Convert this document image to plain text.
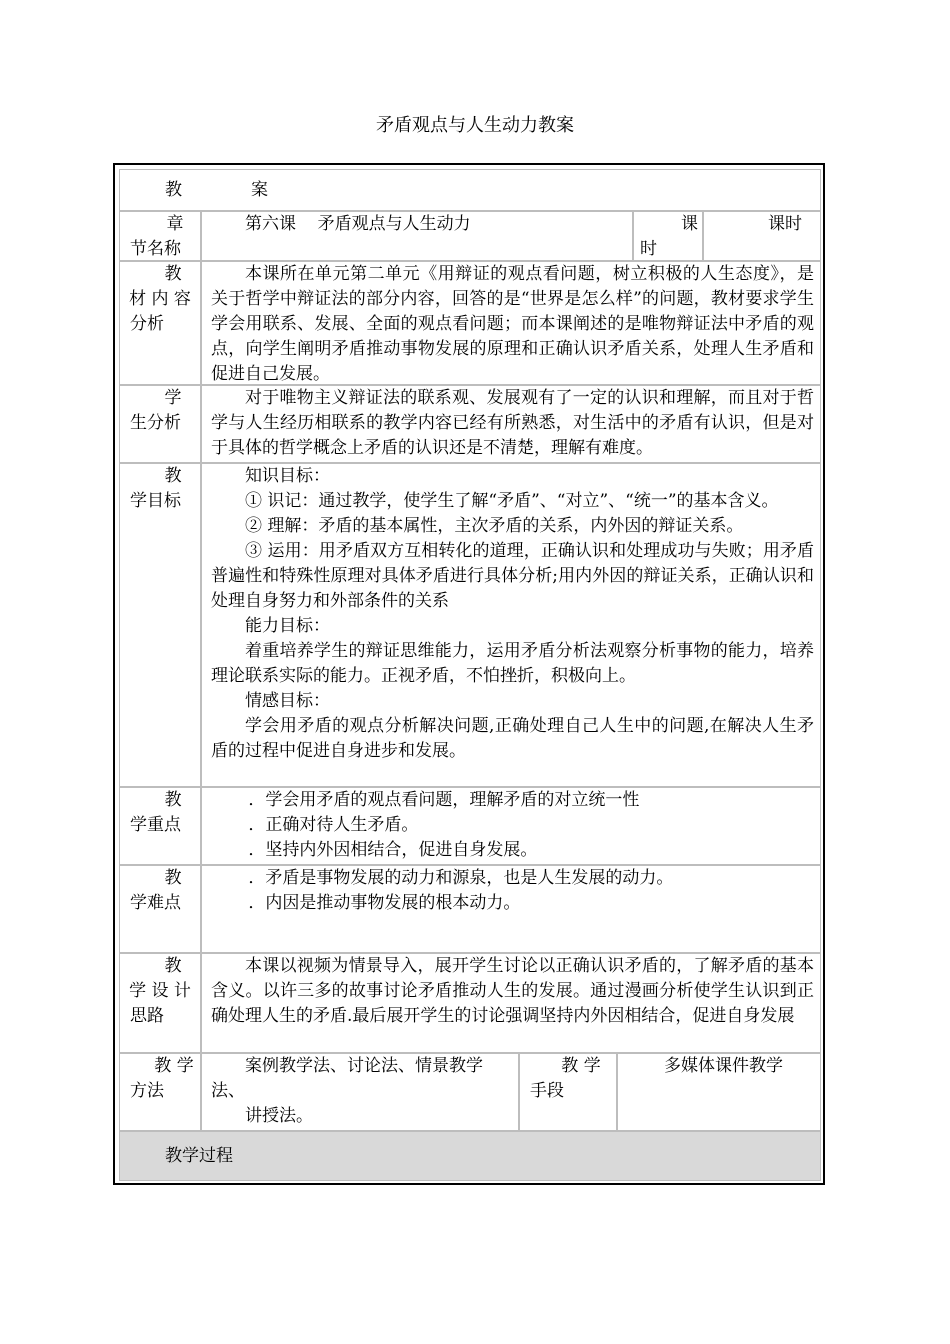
矛盾观点与人生动力教案
教	案
章
节名称

第六课    矛盾观点与人生动力	课
时
课时
教
材 内 容
分析

本课所在单元第二单元《用辩证的观点看问题，树立积极的人生态度》，是关于哲学中辩证法的部分内容，回答的是“世界是怎么样”的问题，教材要求学生学会用联系、发展、全面的观点看问题；而本课阐述的是唯物辩证法中矛盾的观点，向学生阐明矛盾推动事物发展的原理和正确认识矛盾关系，处理人生矛盾和促进自己发展。

学
生分析

对于唯物主义辩证法的联系观、发展观有了一定的认识和理解，而且对于哲学与人生经历相联系的教学内容已经有所熟悉，对生活中的矛盾有认识，但是对于具体的哲学概念上矛盾的认识还是不清楚，理解有难度。

教
学目标

知识目标：

① 识记：通过教学，使学生了解“矛盾”、“对立”、“统一”的基本含义。

② 理解：矛盾的基本属性，主次矛盾的关系，内外因的辩证关系。

③ 运用：用矛盾双方互相转化的道理，正确认识和处理成功与失败；用矛盾普遍性和特殊性原理对具体矛盾进行具体分析;用内外因的辩证关系，正确认识和处理自身努力和外部条件的关系

能力目标：

着重培养学生的辩证思维能力，运用矛盾分析法观察分析事物的能力，培养理论联系实际的能力。正视矛盾，不怕挫折，积极向上。

情感目标：

学会用矛盾的观点分析解决问题,正确处理自己人生中的问题,在解决人生矛盾的过程中促进自身进步和发展。

教
学重点

．学会用矛盾的观点看问题，理解矛盾的对立统一性

．正确对待人生矛盾。

．坚持内外因相结合，促进自身发展。

教
学难点

．矛盾是事物发展的动力和源泉，也是人生发展的动力。

．内因是推动事物发展的根本动力。

教
学 设 计
思路

本课以视频为情景导入，展开学生讨论以正确认识矛盾的，了解矛盾的基本含义。以许三多的故事讨论矛盾推动人生的发展。通过漫画分析使学生认识到正确处理人生的矛盾.最后展开学生的讨论强调坚持内外因相结合，促进自身发展

教 学
方法

案例教学法、讨论法、情景教学法、

讲授法。

教 学
手段
多媒体课件教学
教学过程
